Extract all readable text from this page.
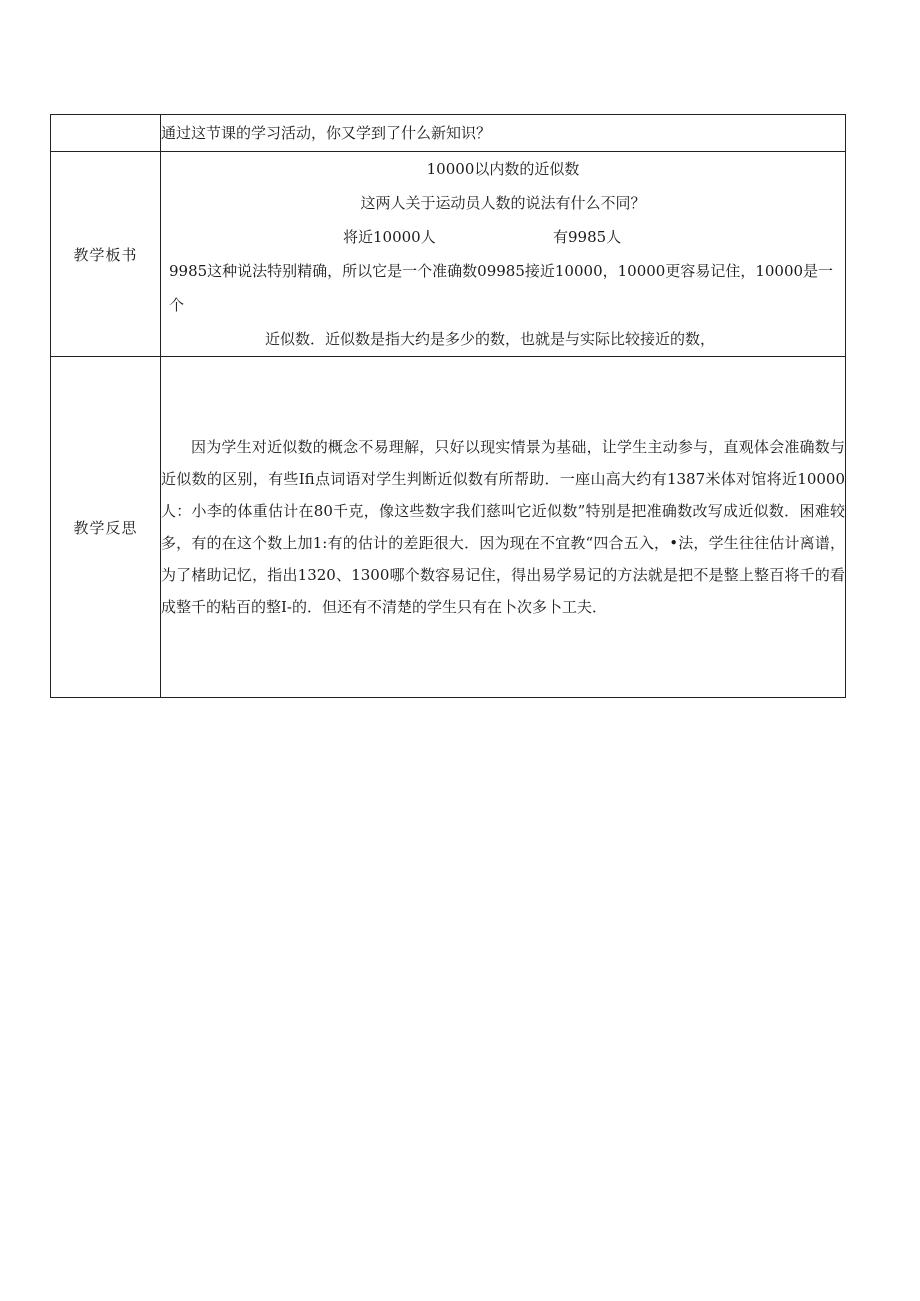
	通过这节课的学习活动，你又学到了什么新知识？
教学板书	10000以内数的近似数
这两人关于运动员人数的说法有什么不同？
将近10000人 有9985人
9985这种说法特别精确，所以它是一个准确数09985接近10000，10000更容易记住，10000是一个
近似数．近似数是指大约是多少的数，也就是与实际比较接近的数，

教学反思	因为学生对近似数的概念不易理解，只好以现实情景为基础，让学生主动参与，直观体会准确数与近似数的区别，有些Ifi点词语对学生判断近似数有所帮助．一座山高大约有1387米体对馆将近10000人：小李的体重估计在80千克，像这些数字我们慈叫它近似数”特别是把准确数改写成近似数．困难较多，有的在这个数上加1:有的估计的差距很大．因为现在不宜教“四合五入，•法，学生往往估计离谱，为了楮助记忆，指出1320、1300哪个数容易记住，得出易学易记的方法就是把不是整上整百将千的看成整千的粘百的整I-的．但还有不清楚的学生只有在卜次多卜工夫．
